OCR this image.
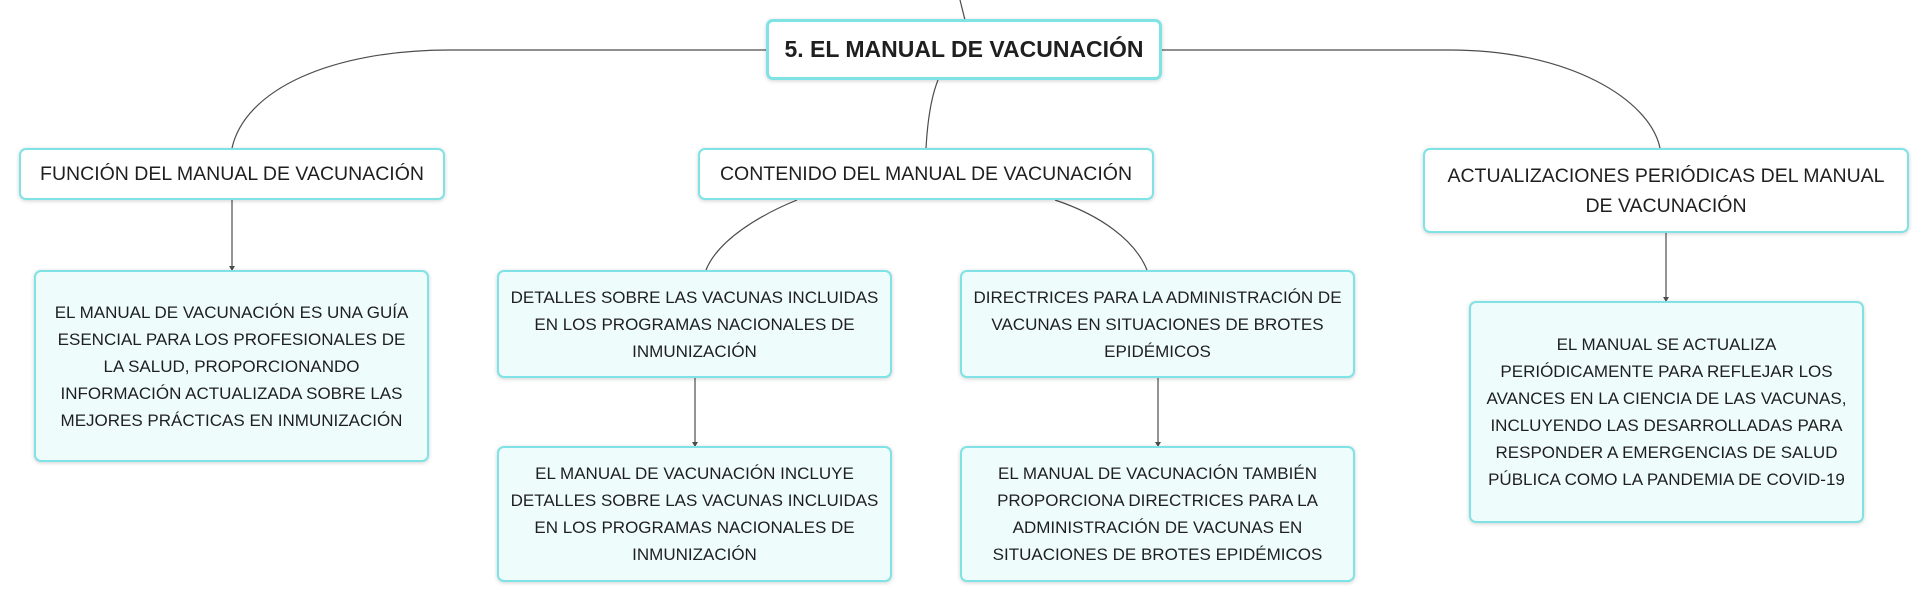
5. EL MANUAL DE VACUNACIÓN
FUNCIÓN DEL MANUAL DE VACUNACIÓN	CONTENIDO DEL MANUAL DE VACUNACIÓN	ACTUALIZACIONES PERIÓDICAS DEL MANUAL DE VACUNACIÓN
EL MANUAL DE VACUNACIÓN ES UNA GUÍA ESENCIAL PARA LOS PROFESIONALES DE LA SALUD, PROPORCIONANDO INFORMACIÓN ACTUALIZADA SOBRE LAS MEJORES PRÁCTICAS EN INMUNIZACIÓN
DETALLES SOBRE LAS VACUNAS INCLUIDAS EN LOS PROGRAMAS NACIONALES DE INMUNIZACIÓN
DIRECTRICES PARA LA ADMINISTRACIÓN DE VACUNAS EN SITUACIONES DE BROTES EPIDÉMICOS
EL MANUAL DE VACUNACIÓN INCLUYE DETALLES SOBRE LAS VACUNAS INCLUIDAS EN LOS PROGRAMAS NACIONALES DE INMUNIZACIÓN
EL MANUAL DE VACUNACIÓN TAMBIÉN PROPORCIONA DIRECTRICES PARA LA ADMINISTRACIÓN DE VACUNAS EN SITUACIONES DE BROTES EPIDÉMICOS
EL MANUAL SE ACTUALIZA PERIÓDICAMENTE PARA REFLEJAR LOS AVANCES EN LA CIENCIA DE LAS VACUNAS, INCLUYENDO LAS DESARROLLADAS PARA RESPONDER A EMERGENCIAS DE SALUD PÚBLICA COMO LA PANDEMIA DE COVID-19
